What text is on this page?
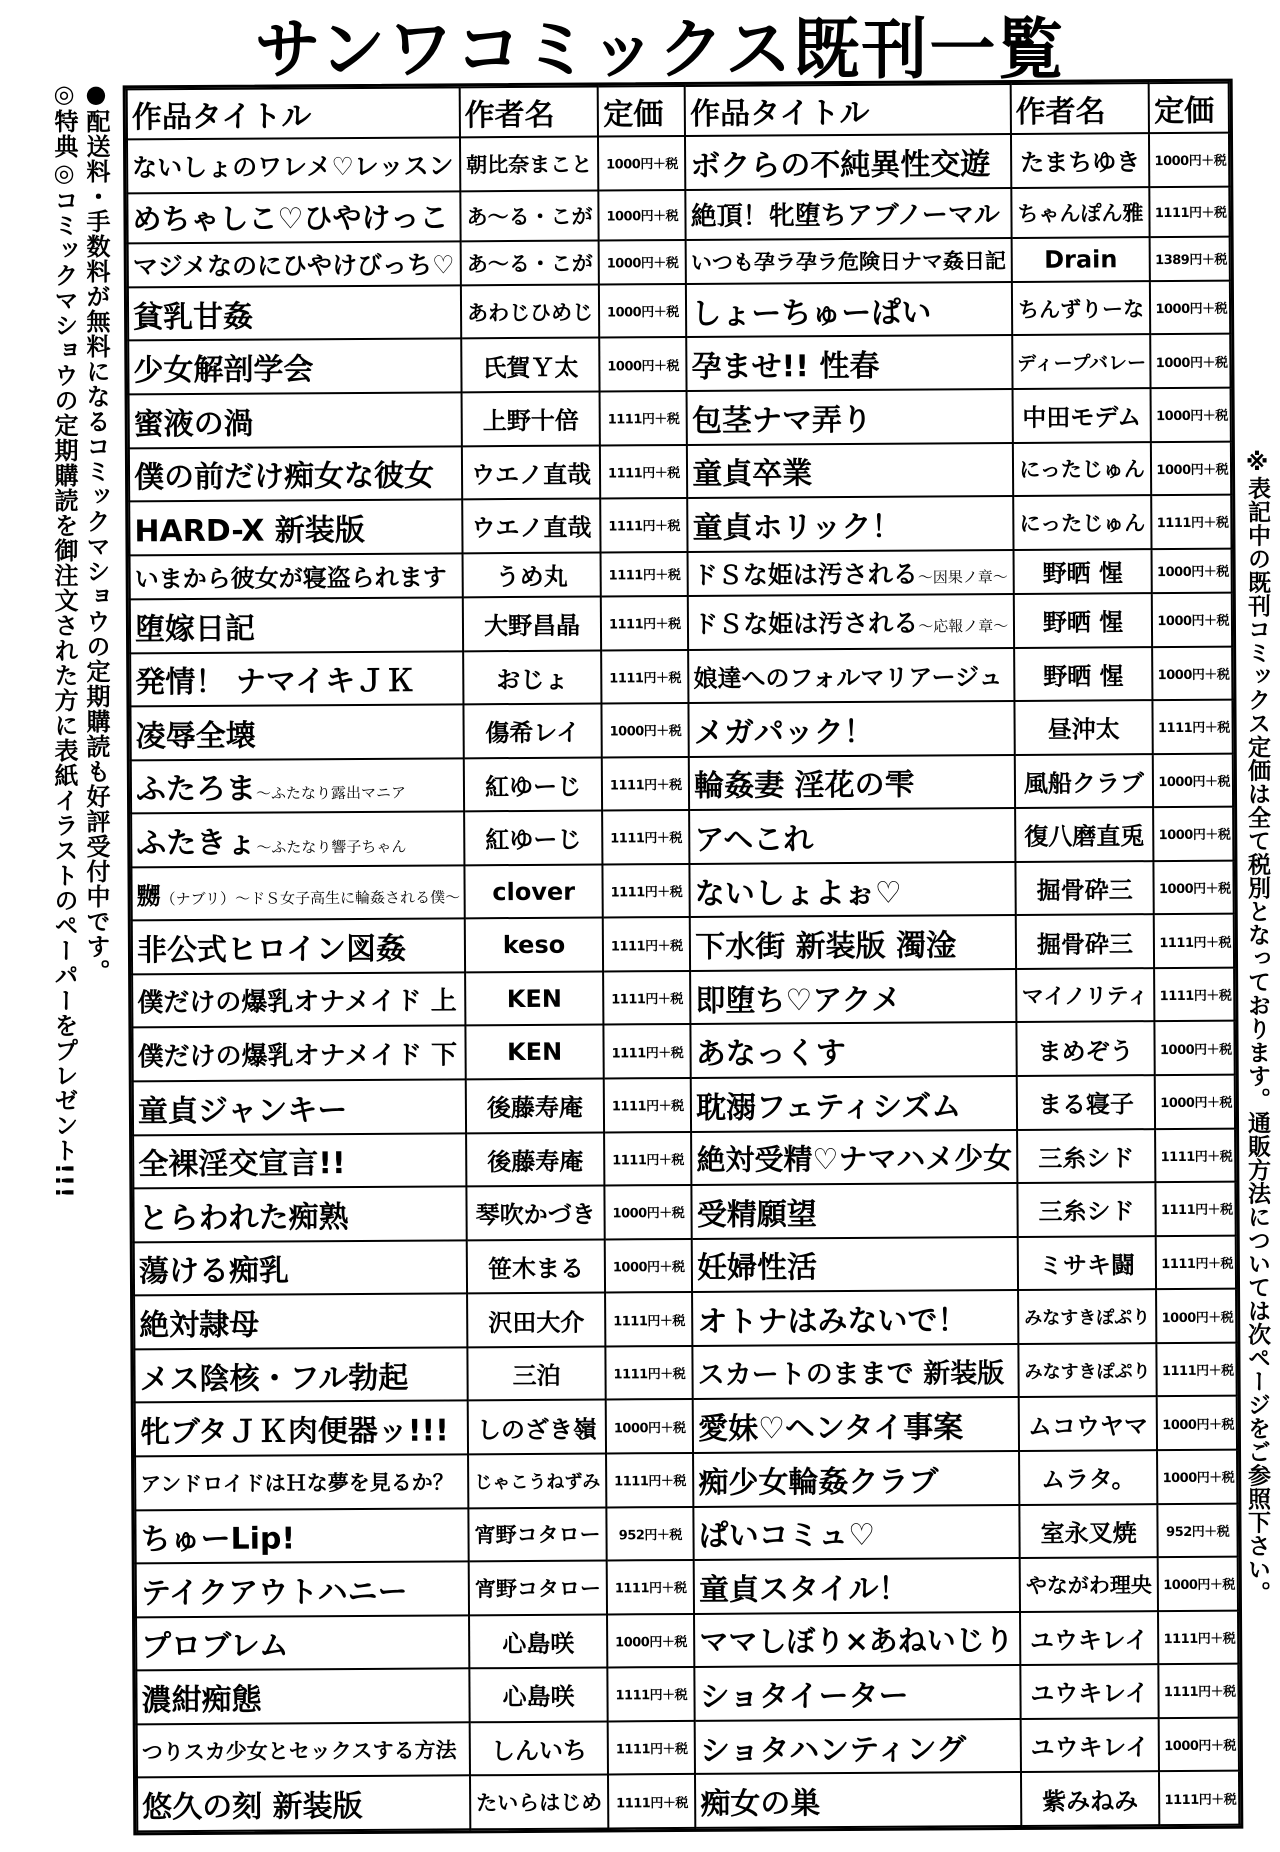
サンワコミックス既刊一覧
●配送料・手数料が無料になるコミックマショウの定期購読も好評受付中です。
◎特典◎コミックマショウの定期購読を御注文された方に表紙イラストのペーパーをプレゼント!!!	※表記中の既刊コミックス定価は全て税別となっております。通販方法については次ページをご参照下さい。
作品タイトル	作者名	定価	作品タイトル	作者名	定価
ないしょのワレメ♡レッスン	朝比奈まこと	1000円＋税	ボクらの不純異性交遊	たまちゆき	1000円＋税
めちゃしこ♡ひやけっこ	あ～る・こが	1000円＋税	絶頂！牝堕ちアブノーマル	ちゃんぽん雅	1111円＋税
マジメなのにひやけびっち♡	あ～る・こが	1000円＋税	いつも孕ラ孕ラ危険日ナマ姦日記	Drain	1389円＋税
貧乳甘姦	あわじひめじ	1000円＋税	しょーちゅーぱい	ちんずりーな	1000円＋税
少女解剖学会	氏賀Ｙ太	1000円＋税	孕ませ!! 性春	ディープバレー	1000円＋税
蜜液の渦	上野十倍	1111円＋税	包茎ナマ弄り	中田モデム	1000円＋税
僕の前だけ痴女な彼女	ウエノ直哉	1111円＋税	童貞卒業	にったじゅん	1000円＋税
HARD-X 新装版	ウエノ直哉	1111円＋税	童貞ホリック！	にったじゅん	1111円＋税
いまから彼女が寝盗られます	うめ丸	1111円＋税	ドＳな姫は汚される～因果ノ章～	野晒 惺	1000円＋税
堕嫁日記	大野昌晶	1111円＋税	ドＳな姫は汚される～応報ノ章～	野晒 惺	1000円＋税
発情！ ナマイキＪＫ	おじょ	1111円＋税	娘達へのフォルマリアージュ	野晒 惺	1000円＋税
凌辱全壊	傷希レイ	1000円＋税	メガパック！	昼沖太	1111円＋税
ふたろま～ふたなり露出マニア	紅ゆーじ	1111円＋税	輪姦妻 淫花の雫	風船クラブ	1000円＋税
ふたきょ～ふたなり響子ちゃん	紅ゆーじ	1111円＋税	アヘこれ	復八磨直兎	1000円＋税
嬲（ナブリ）～ドＳ女子高生に輪姦される僕～	clover	1111円＋税	ないしょよぉ♡	掘骨砕三	1000円＋税
非公式ヒロイン図姦	keso	1111円＋税	下水街 新装版 濁淦	掘骨砕三	1111円＋税
僕だけの爆乳オナメイド 上	KEN	1111円＋税	即堕ち♡アクメ	マイノリティ	1111円＋税
僕だけの爆乳オナメイド 下	KEN	1111円＋税	あなっくす	まめぞう	1000円＋税
童貞ジャンキー	後藤寿庵	1111円＋税	耽溺フェティシズム	まる寝子	1000円＋税
全裸淫交宣言!!	後藤寿庵	1111円＋税	絶対受精♡ナマハメ少女	三糸シド	1111円＋税
とらわれた痴熟	琴吹かづき	1000円＋税	受精願望	三糸シド	1111円＋税
蕩ける痴乳	笹木まる	1000円＋税	妊婦性活	ミサキ闘	1111円＋税
絶対隷母	沢田大介	1111円＋税	オトナはみないで！	みなすきぽぷり	1000円＋税
メス陰核・フル勃起	三泊	1111円＋税	スカートのままで 新装版	みなすきぽぷり	1111円＋税
牝ブタＪＫ肉便器ッ!!!	しのざき嶺	1000円＋税	愛妹♡ヘンタイ事案	ムコウヤマ	1000円＋税
アンドロイドはＨな夢を見るか？	じゃこうねずみ	1111円＋税	痴少女輪姦クラブ	ムラタ。	1000円＋税
ちゅーLip!	宵野コタロー	952円＋税	ぱいコミュ♡	室永叉焼	952円＋税
テイクアウトハニー	宵野コタロー	1111円＋税	童貞スタイル！	やながわ理央	1000円＋税
プロブレム	心島咲	1000円＋税	ママしぼり×あねいじり	ユウキレイ	1111円＋税
濃紺痴態	心島咲	1111円＋税	ショタイーター	ユウキレイ	1111円＋税
つりスカ少女とセックスする方法	しんいち	1111円＋税	ショタハンティング	ユウキレイ	1000円＋税
悠久の刻 新装版	たいらはじめ	1111円＋税	痴女の巣	紫みねみ	1111円＋税
